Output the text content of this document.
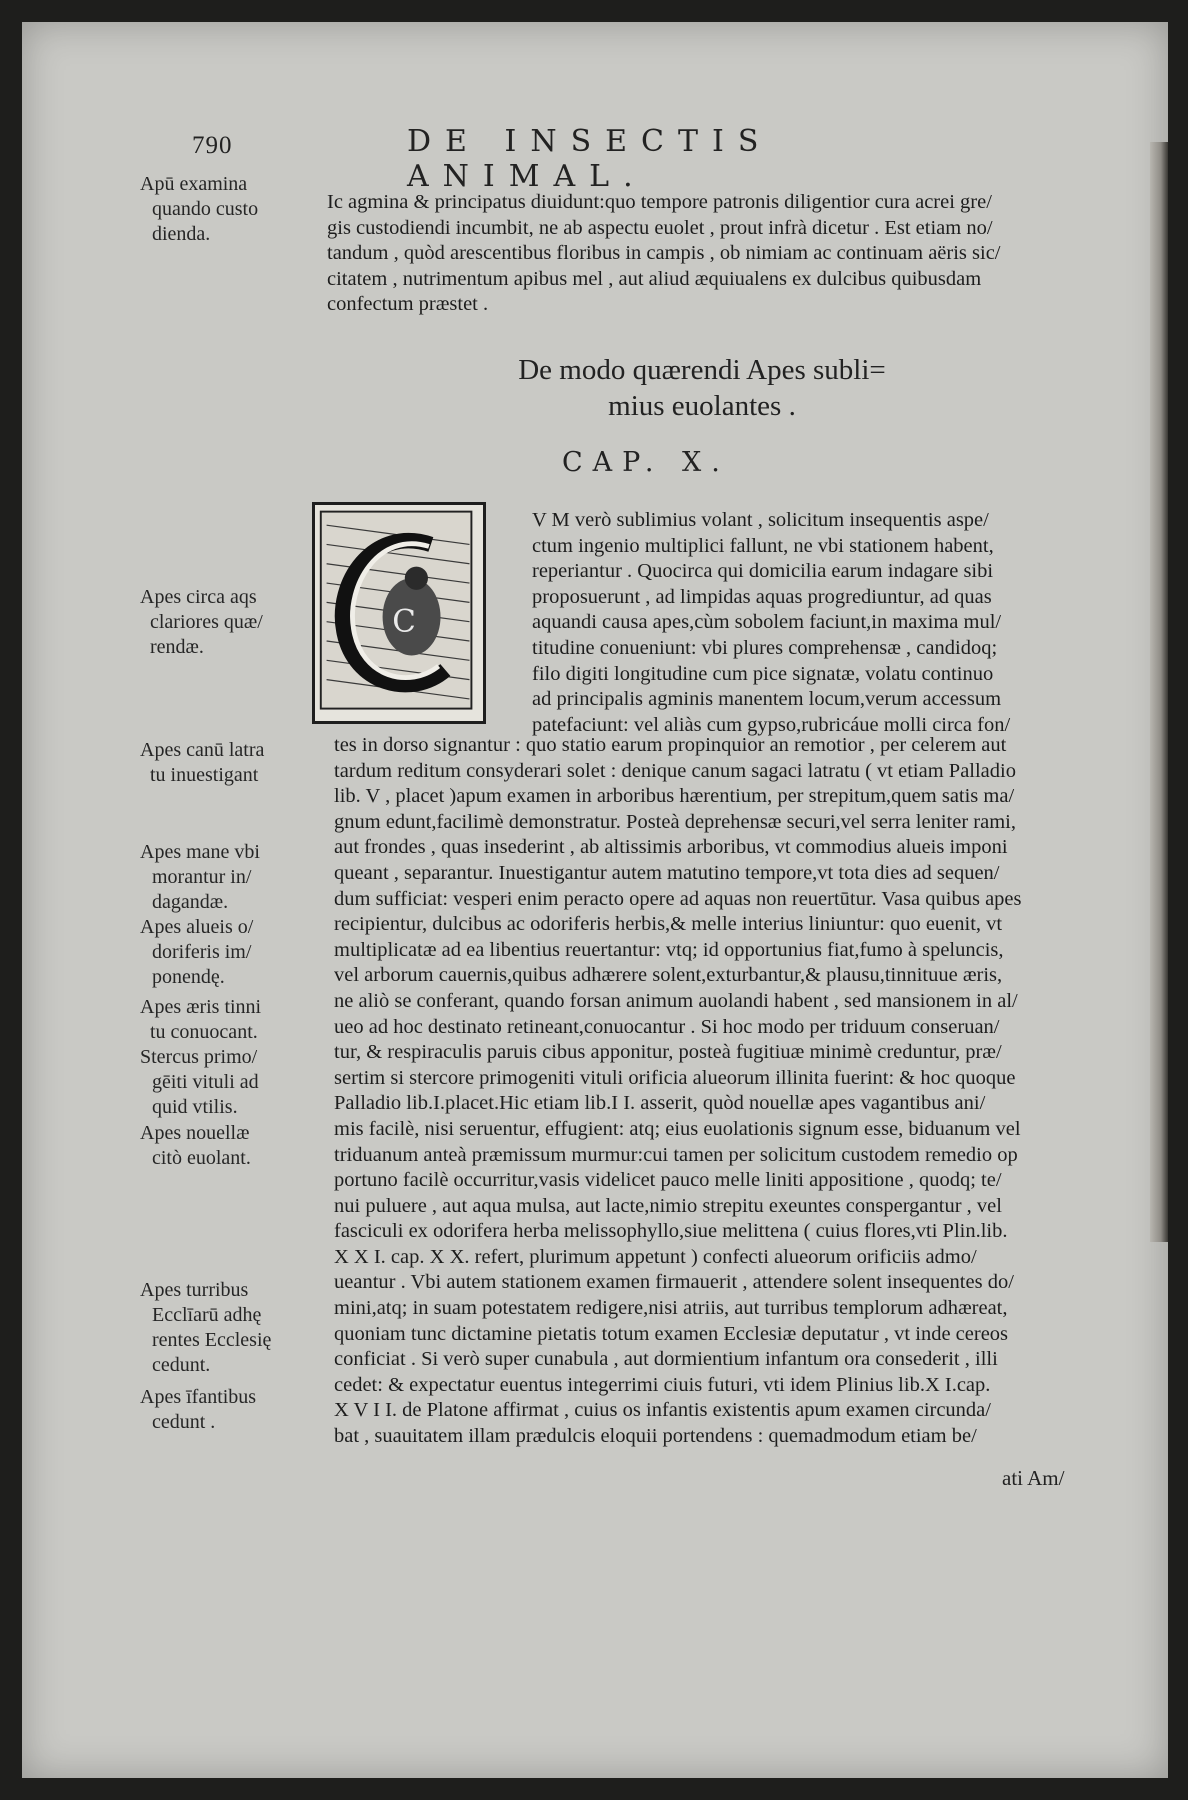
790	DE INSECTIS ANIMAL.
Apū examina
quando custo
dienda.
Apes circa aqs
clariores quæ/
rendæ.
Apes canū latra
tu inuestigant
Apes mane vbi
morantur in/
dagandæ.
Apes alueis o/
doriferis im/
ponendę.
Apes æris tinni
tu conuocant.
Stercus primo/
gēiti vituli ad
quid vtilis.
Apes nouellæ
citò euolant.
Apes turribus
Ecclīarū adhę
rentes Ecclesię
cedunt.
Apes īfantibus
cedunt .
Ic agmina & principatus diuidunt:quo tempore patronis diligentior cura acrei gre/
gis custodiendi incumbit, ne ab aspectu euolet , prout infrà dicetur . Est etiam no/
tandum , quòd arescentibus floribus in campis , ob nimiam ac continuam aëris sic/
citatem , nutrimentum apibus mel , aut aliud æquiualens ex dulcibus quibusdam
confectum præstet .
De modo quærendi Apes subli=
mius euolantes .
CAP. X.
C
V M verò sublimius volant , solicitum insequentis aspe/
ctum ingenio multiplici fallunt, ne vbi stationem habent,
reperiantur . Quocirca qui domicilia earum indagare sibi
proposuerunt , ad limpidas aquas progrediuntur, ad quas
aquandi causa apes,cùm sobolem faciunt,in maxima mul/
titudine conueniunt: vbi plures comprehensæ , candidoq;
filo digiti longitudine cum pice signatæ, volatu continuo
ad principalis agminis manentem locum,verum accessum
patefaciunt: vel aliàs cum gypso,rubricáue molli circa fon/
tes in dorso signantur : quo statio earum propinquior an remotior , per celerem aut
tardum reditum consyderari solet : denique canum sagaci latratu ( vt etiam Palladio
lib. V , placet )apum examen in arboribus hærentium, per strepitum,quem satis ma/
gnum edunt,facilimè demonstratur. Posteà deprehensæ securi,vel serra leniter rami,
aut frondes , quas insederint , ab altissimis arboribus, vt commodius alueis imponi
queant , separantur. Inuestigantur autem matutino tempore,vt tota dies ad sequen/
dum sufficiat: vesperi enim peracto opere ad aquas non reuertūtur. Vasa quibus apes
recipientur, dulcibus ac odoriferis herbis,& melle interius liniuntur: quo euenit, vt
multiplicatæ ad ea libentius reuertantur: vtq; id opportunius fiat,fumo à speluncis,
vel arborum cauernis,quibus adhærere solent,exturbantur,& plausu,tinnituue æris,
ne aliò se conferant, quando forsan animum auolandi habent , sed mansionem in al/
ueo ad hoc destinato retineant,conuocantur . Si hoc modo per triduum conseruan/
tur, & respiraculis paruis cibus apponitur, posteà fugitiuæ minimè creduntur, præ/
sertim si stercore primogeniti vituli orificia alueorum illinita fuerint: & hoc quoque
Palladio lib.I.placet.Hic etiam lib.I I. asserit, quòd nouellæ apes vagantibus ani/
mis facilè, nisi seruentur, effugient: atq; eius euolationis signum esse, biduanum vel
triduanum anteà præmissum murmur:cui tamen per solicitum custodem remedio op
portuno facilè occurritur,vasis videlicet pauco melle liniti appositione , quodq; te/
nui puluere , aut aqua mulsa, aut lacte,nimio strepitu exeuntes conspergantur , vel
fasciculi ex odorifera herba melissophyllo,siue melittena ( cuius flores,vti Plin.lib.
X X I. cap. X X. refert, plurimum appetunt ) confecti alueorum orificiis admo/
ueantur . Vbi autem stationem examen firmauerit , attendere solent insequentes do/
mini,atq; in suam potestatem redigere,nisi atriis, aut turribus templorum adhæreat,
quoniam tunc dictamine pietatis totum examen Ecclesiæ deputatur , vt inde cereos
conficiat . Si verò super cunabula , aut dormientium infantum ora consederit , illi
cedet: & expectatur euentus integerrimi ciuis futuri, vti idem Plinius lib.X I.cap.
X V I I. de Platone affirmat , cuius os infantis existentis apum examen circunda/
bat , suauitatem illam prædulcis eloquii portendens : quemadmodum etiam be/
ati Am/
